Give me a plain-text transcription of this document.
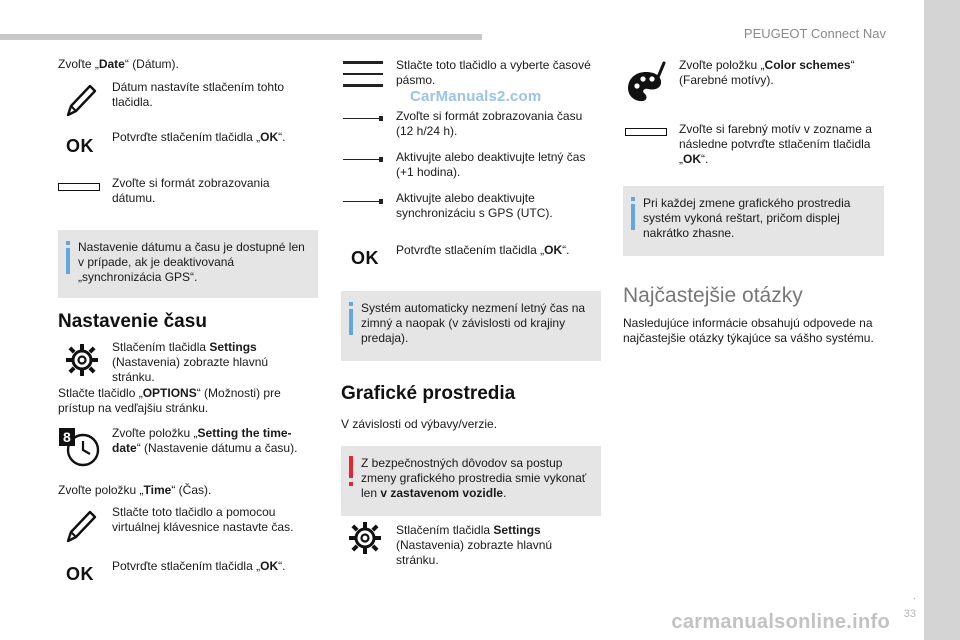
PEUGEOT Connect Nav
CarManuals2.com
.
33
carmanualsonline.info
Zvoľte „Date“ (Dátum).
Dátum nastavíte stlačením tohto tlačidla.
OK	Potvrďte stlačením tlačidla „OK“.
Zvoľte si formát zobrazovania dátumu.
Nastavenie dátumu a času je dostupné len v prípade, ak je deaktivovaná „synchronizácia GPS“.
Nastavenie času
Stlačením tlačidla Settings (Nastavenia) zobrazte hlavnú stránku.
Stlačte tlačidlo „OPTIONS“ (Možnosti) pre prístup na vedľajšiu stránku.
8	Zvoľte položku „Setting the time-date“ (Nastavenie dátumu a času).
Zvoľte položku „Time“ (Čas).
Stlačte toto tlačidlo a pomocou virtuálnej klávesnice nastavte čas.
OK	Potvrďte stlačením tlačidla „OK“.
Stlačte toto tlačidlo a vyberte časové pásmo.
Zvoľte si formát zobrazovania času (12 h/24 h).
Aktivujte alebo deaktivujte letný čas (+1 hodina).
Aktivujte alebo deaktivujte synchronizáciu s GPS (UTC).
OK	Potvrďte stlačením tlačidla „OK“.
Systém automaticky nezmení letný čas na zimný a naopak (v závislosti od krajiny predaja).
Grafické prostredia
V závislosti od výbavy/verzie.
Z bezpečnostných dôvodov sa postup zmeny grafického prostredia smie vykonať len v zastavenom vozidle.
Stlačením tlačidla Settings (Nastavenia) zobrazte hlavnú stránku.
Zvoľte položku „Color schemes“ (Farebné motívy).
Zvoľte si farebný motív v zozname a následne potvrďte stlačením tlačidla „OK“.
Pri každej zmene grafického prostredia systém vykoná reštart, pričom displej nakrátko zhasne.
Najčastejšie otázky
Nasledujúce informácie obsahujú odpovede na najčastejšie otázky týkajúce sa vášho systému.
